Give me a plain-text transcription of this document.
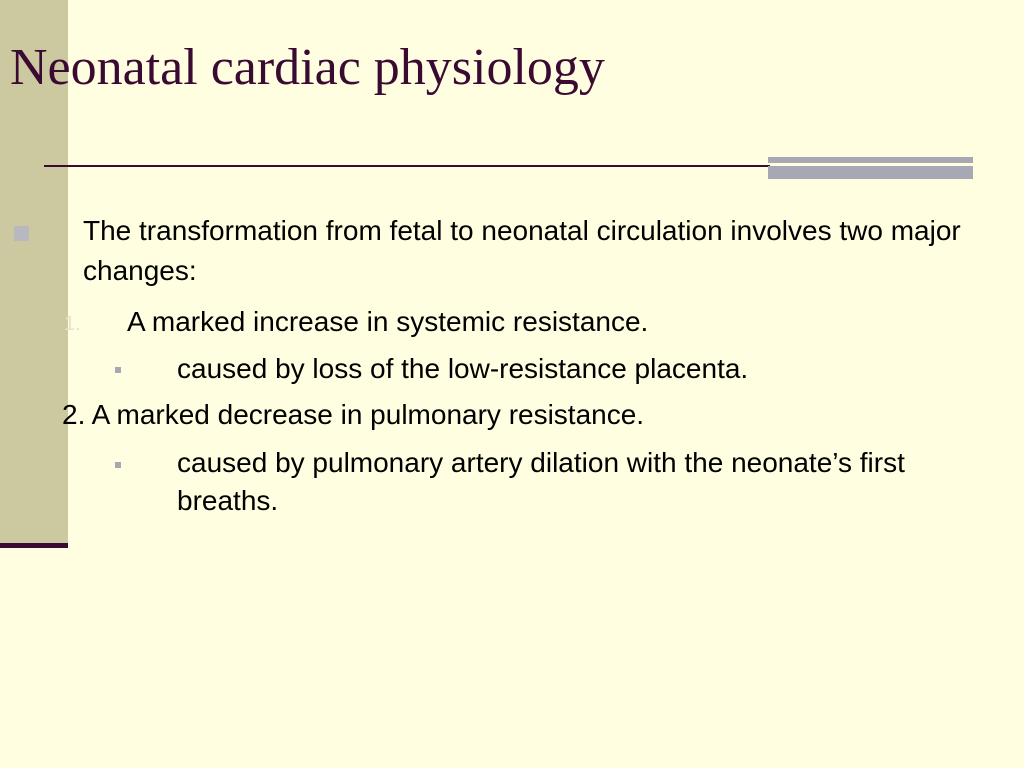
Neonatal cardiac physiology

The transformation from fetal to neonatal circulation involves two major changes:

1. A marked increase in systemic resistance.

caused by loss of the low-resistance placenta.

2. A marked decrease in pulmonary resistance.

caused by pulmonary artery dilation with the neonate’s first breaths.
